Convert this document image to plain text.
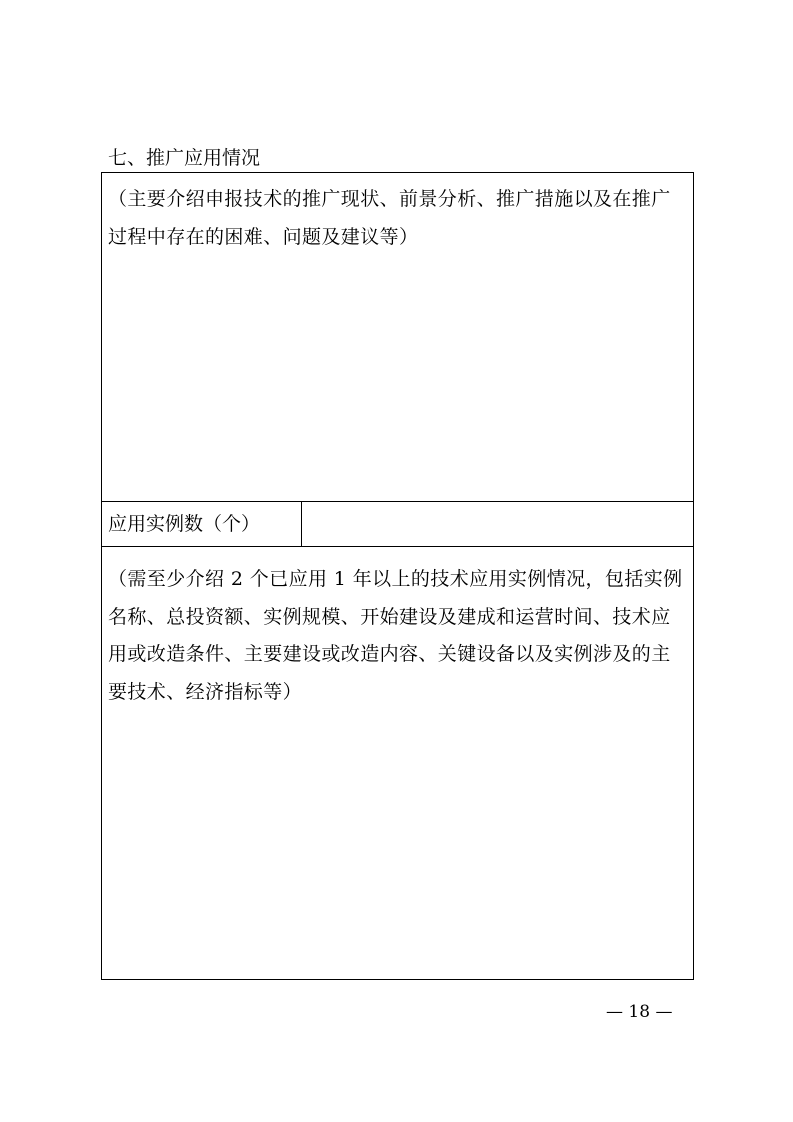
七、推广应用情况

（主要介绍申报技术的推广现状、前景分析、推广措施以及在推广过程中存在的困难、问题及建议等）

应用实例数（个）

（需至少介绍 2 个已应用 1 年以上的技术应用实例情况，包括实例名称、总投资额、实例规模、开始建设及建成和运营时间、技术应用或改造条件、主要建设或改造内容、关键设备以及实例涉及的主要技术、经济指标等）

— 18 —
